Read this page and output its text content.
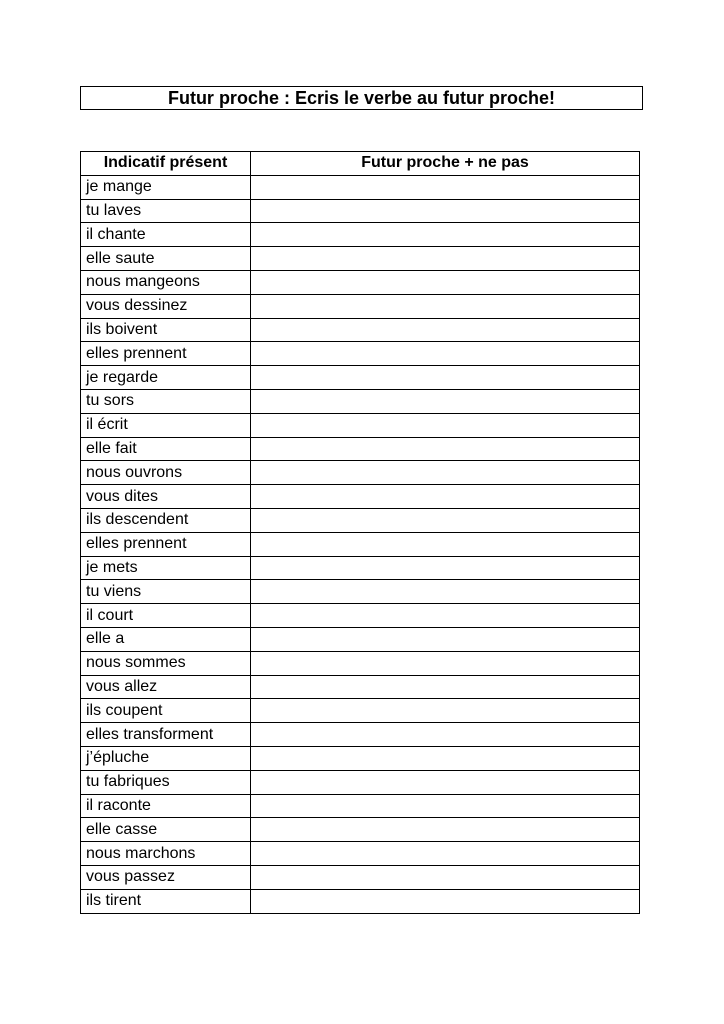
Futur proche : Ecris le verbe au futur proche!
Indicatif présent	Futur proche + ne pas
je mange	
tu laves	
il chante	
elle saute	
nous mangeons	
vous dessinez	
ils boivent	
elles prennent	
je regarde	
tu sors	
il écrit	
elle fait	
nous ouvrons	
vous dites	
ils descendent	
elles prennent	
je mets	
tu viens	
il court	
elle a	
nous sommes	
vous allez	
ils coupent	
elles transforment	
j’épluche	
tu fabriques	
il raconte	
elle casse	
nous marchons	
vous passez	
ils tirent	
